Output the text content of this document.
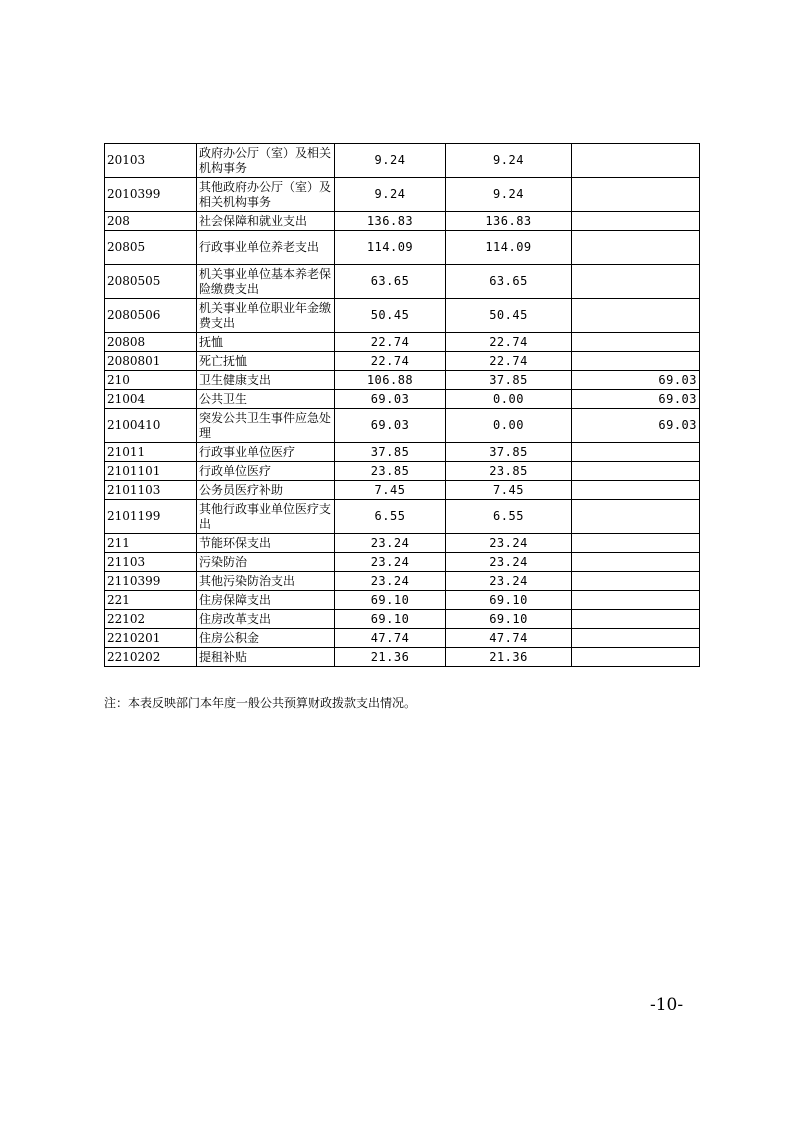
20103	政府办公厅（室）及相关机构事务	9.24	9.24	
2010399	其他政府办公厅（室）及相关机构事务	9.24	9.24	
208	社会保障和就业支出	136.83	136.83	
20805	行政事业单位养老支出	114.09	114.09	
2080505	机关事业单位基本养老保险缴费支出	63.65	63.65	
2080506	机关事业单位职业年金缴费支出	50.45	50.45	
20808	抚恤	22.74	22.74	
2080801	死亡抚恤	22.74	22.74	
210	卫生健康支出	106.88	37.85	69.03
21004	公共卫生	69.03	0.00	69.03
2100410	突发公共卫生事件应急处理	69.03	0.00	69.03
21011	行政事业单位医疗	37.85	37.85	
2101101	行政单位医疗	23.85	23.85	
2101103	公务员医疗补助	7.45	7.45	
2101199	其他行政事业单位医疗支出	6.55	6.55	
211	节能环保支出	23.24	23.24	
21103	污染防治	23.24	23.24	
2110399	其他污染防治支出	23.24	23.24	
221	住房保障支出	69.10	69.10	
22102	住房改革支出	69.10	69.10	
2210201	住房公积金	47.74	47.74	
2210202	提租补贴	21.36	21.36	
注：本表反映部门本年度一般公共预算财政拨款支出情况。
-10-
